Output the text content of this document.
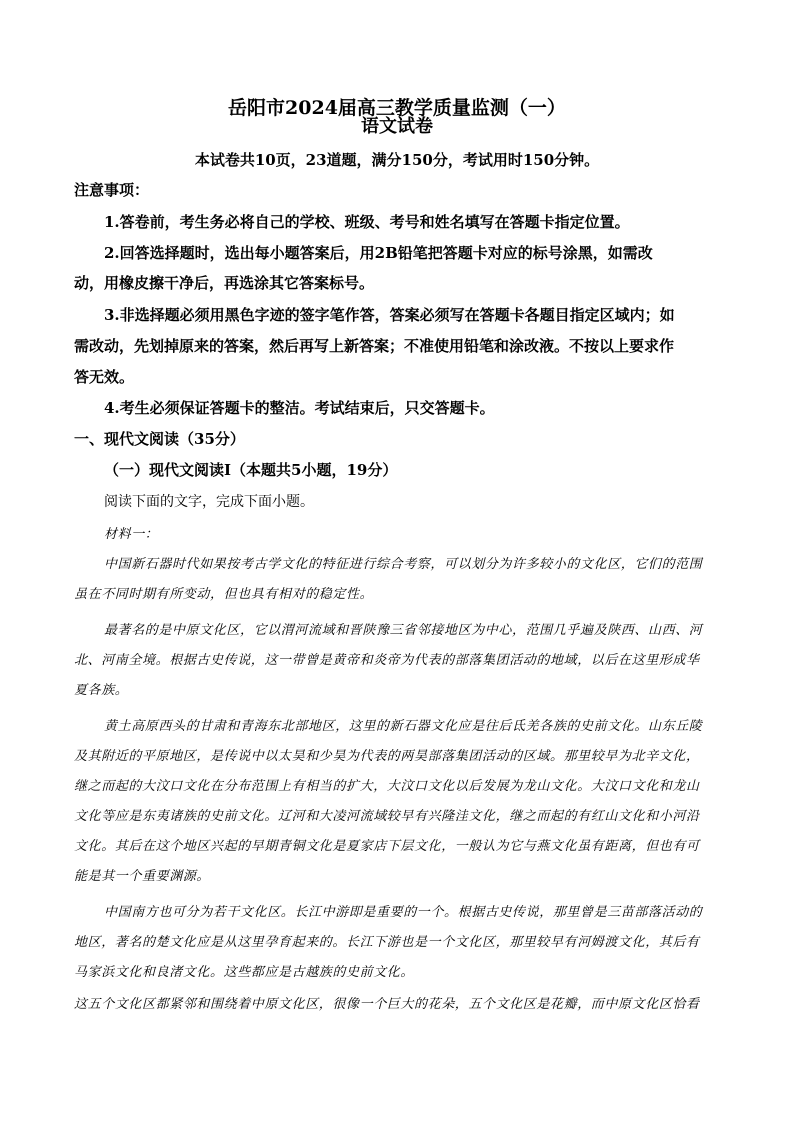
岳阳市2024届高三教学质量监测（一）
语文试卷
本试卷共10页，23道题，满分150分，考试用时150分钟。
注意事项：
1.答卷前，考生务必将自己的学校、班级、考号和姓名填写在答题卡指定位置。
2.回答选择题时，选出每小题答案后，用2B铅笔把答题卡对应的标号涂黑，如需改
动，用橡皮擦干净后，再选涂其它答案标号。
3.非选择题必须用黑色字迹的签字笔作答，答案必须写在答题卡各题目指定区域内；如
需改动，先划掉原来的答案，然后再写上新答案；不准使用铅笔和涂改液。不按以上要求作
答无效。
4.考生必须保证答题卡的整洁。考试结束后，只交答题卡。
一、现代文阅读（35分）
（一）现代文阅读Ⅰ（本题共5小题，19分）
阅读下面的文字，完成下面小题。
材料一：
中国新石器时代如果按考古学文化的特征进行综合考察，可以划分为许多较小的文化区，它们的范围
虽在不同时期有所变动，但也具有相对的稳定性。
最著名的是中原文化区，它以渭河流域和晋陕豫三省邻接地区为中心，范围几乎遍及陕西、山西、河
北、河南全境。根据古史传说，这一带曾是黄帝和炎帝为代表的部落集团活动的地域，以后在这里形成华
夏各族。
黄土高原西头的甘肃和青海东北部地区，这里的新石器文化应是往后氐羌各族的史前文化。山东丘陵
及其附近的平原地区，是传说中以太昊和少昊为代表的两昊部落集团活动的区域。那里较早为北辛文化，
继之而起的大汶口文化在分布范围上有相当的扩大，大汶口文化以后发展为龙山文化。大汶口文化和龙山
文化等应是东夷诸族的史前文化。辽河和大凌河流域较早有兴隆洼文化，继之而起的有红山文化和小河沿
文化。其后在这个地区兴起的早期青铜文化是夏家店下层文化，一般认为它与燕文化虽有距离，但也有可
能是其一个重要渊源。
中国南方也可分为若干文化区。长江中游即是重要的一个。根据古史传说，那里曾是三苗部落活动的
地区，著名的楚文化应是从这里孕育起来的。长江下游也是一个文化区，那里较早有河姆渡文化，其后有
马家浜文化和良渚文化。这些都应是古越族的史前文化。
这五个文化区都紧邻和围绕着中原文化区，很像一个巨大的花朵，五个文化区是花瓣，而中原文化区恰看
